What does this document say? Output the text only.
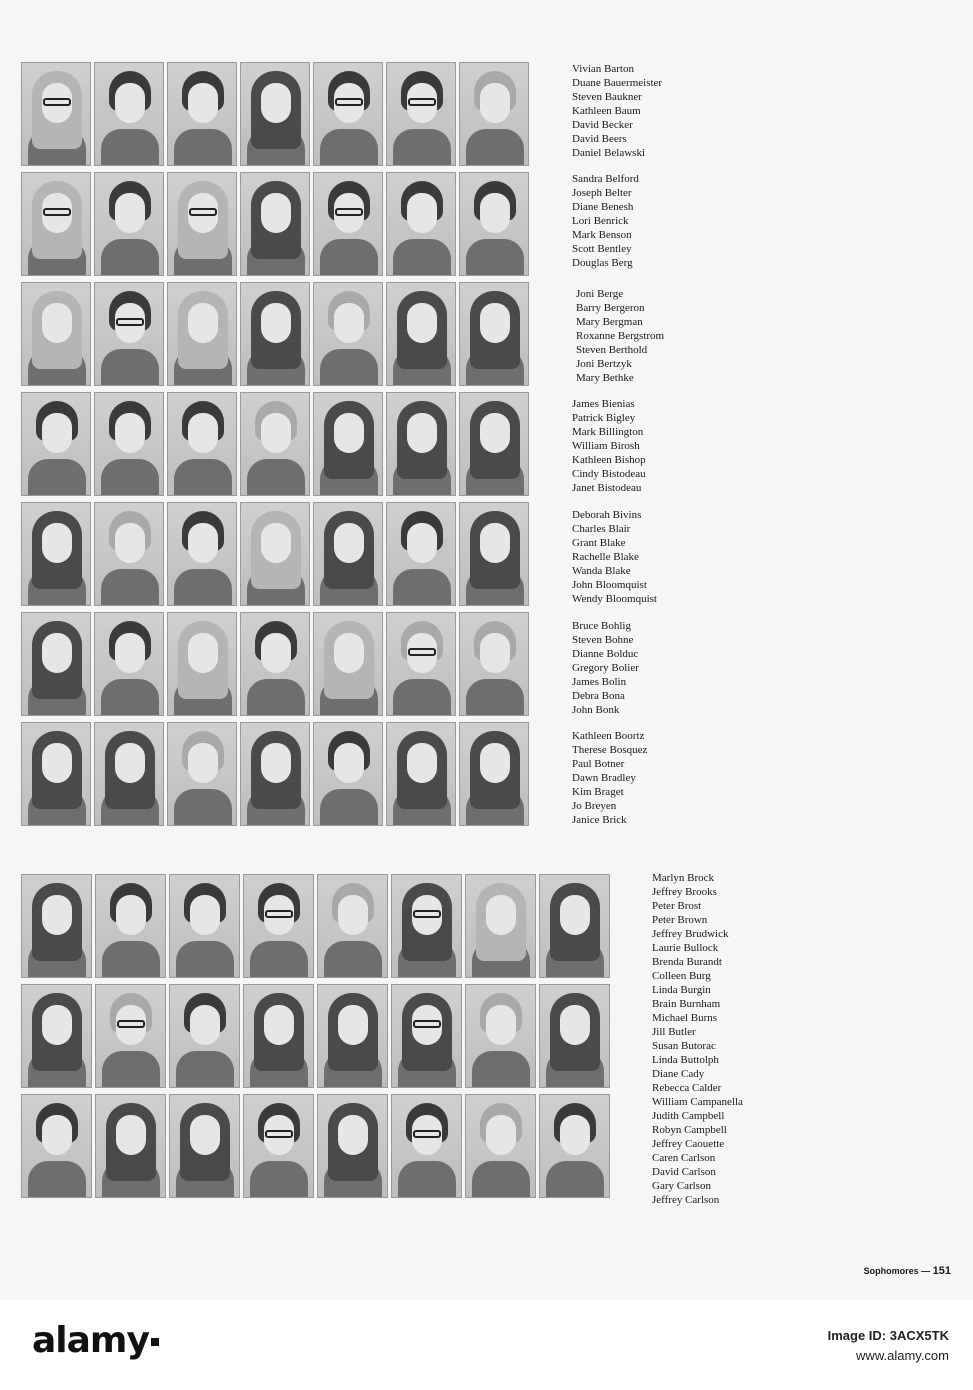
Vivian Barton
Duane Bauermeister
Steven Baukner
Kathleen Baum
David Becker
David Beers
Daniel Belawski
Sandra Belford
Joseph Belter
Diane Benesh
Lori Benrick
Mark Benson
Scott Bentley
Douglas Berg
Joni Berge
Barry Bergeron
Mary Bergman
Roxanne Bergstrom
Steven Berthold
Joni Bertzyk
Mary Bethke
James Bienias
Patrick Bigley
Mark Billington
William Birosh
Kathleen Bishop
Cindy Bistodeau
Janet Bistodeau
Deborah Bivins
Charles Blair
Grant Blake
Rachelle Blake
Wanda Blake
John Bloomquist
Wendy Bloomquist
Bruce Bohlig
Steven Bohne
Dianne Bolduc
Gregory Bolier
James Bolin
Debra Bona
John Bonk
Kathleen Boortz
Therese Bosquez
Paul Botner
Dawn Bradley
Kim Braget
Jo Breyen
Janice Brick
Marlyn Brock
Jeffrey Brooks
Peter Brost
Peter Brown
Jeffrey Brudwick
Laurie Bullock
Brenda Burandt
Colleen Burg
Linda Burgin
Brain Burnham
Michael Burns
Jill Butler
Susan Butorac
Linda Buttolph
Diane Cady
Rebecca Calder
William Campanella
Judith Campbell
Robyn Campbell
Jeffrey Caouette
Caren Carlson
David Carlson
Gary Carlson
Jeffrey Carlson
Sophomores — 151
alamy	Image ID: 3ACX5TK
www.alamy.com
